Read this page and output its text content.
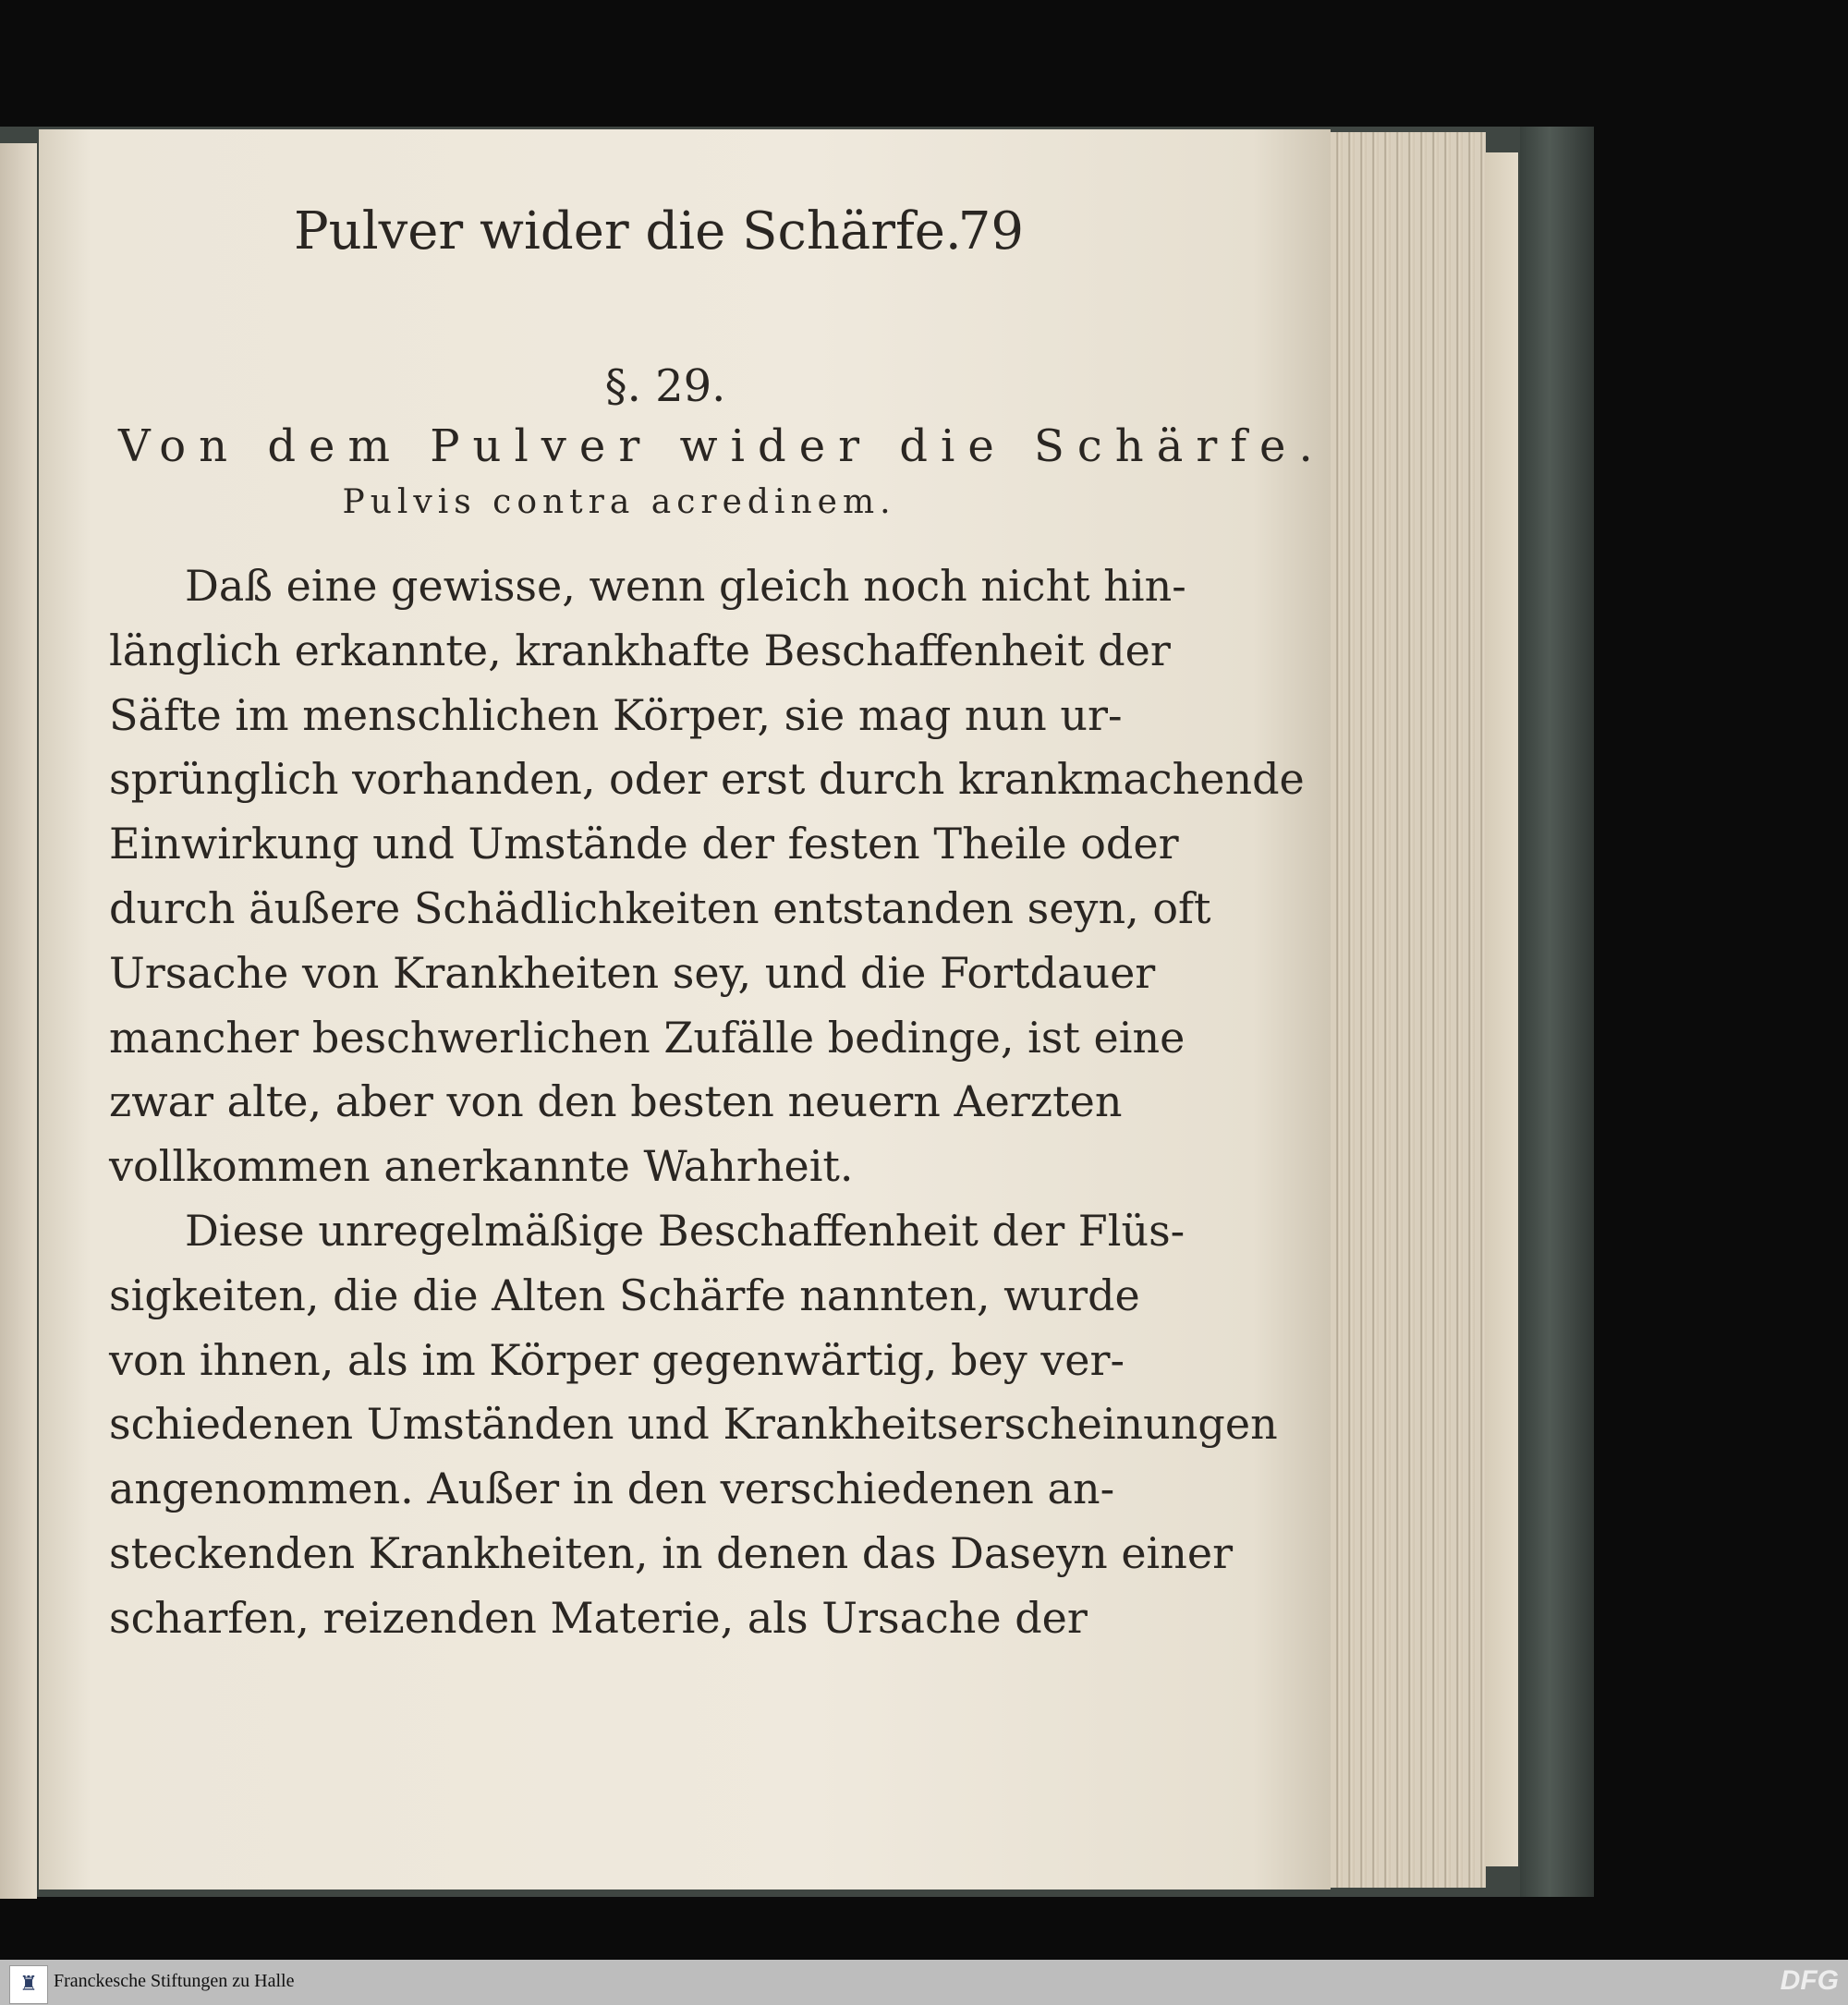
Pulver wider die Schärfe.
79
§. 29.
Von dem Pulver wider die Schärfe.
Pulvis contra acredinem.
Daß eine gewisse, wenn gleich noch nicht hin-
länglich erkannte, krankhafte Beschaffenheit der
Säfte im menschlichen Körper, sie mag nun ur-
sprünglich vorhanden, oder erst durch krankmachende
Einwirkung und Umstände der festen Theile oder
durch äußere Schädlichkeiten entstanden seyn, oft
Ursache von Krankheiten sey, und die Fortdauer
mancher beschwerlichen Zufälle bedinge, ist eine
zwar alte, aber von den besten neuern Aerzten
vollkommen anerkannte Wahrheit.
Diese unregelmäßige Beschaffenheit der Flüs-
sigkeiten, die die Alten Schärfe nannten, wurde
von ihnen, als im Körper gegenwärtig, bey ver-
schiedenen Umständen und Krankheitserscheinungen
angenommen. Außer in den verschiedenen an-
steckenden Krankheiten, in denen das Daseyn einer
scharfen, reizenden Materie, als Ursache der
♜ Franckesche Stiftungen zu Halle	DFG
